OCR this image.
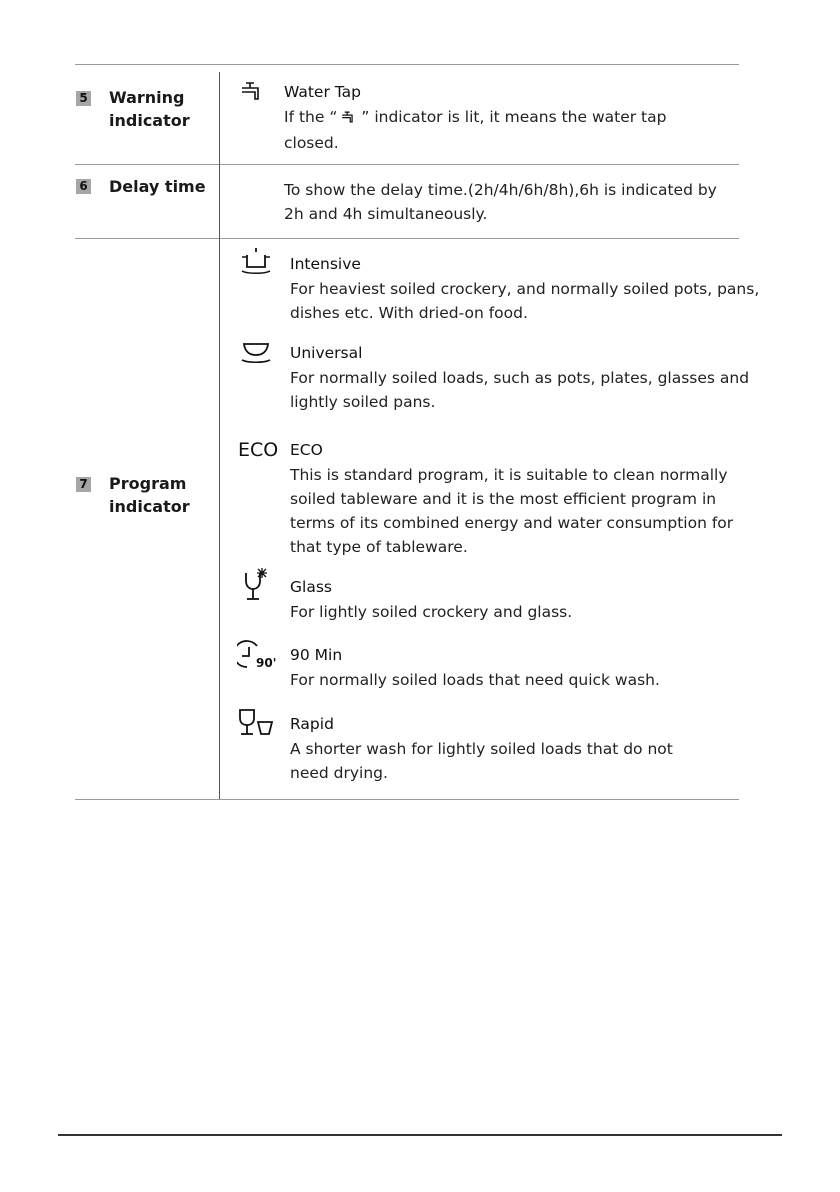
5 Warning
indicator
Water Tap
If the “ ” indicator is lit, it means the water tap
closed.
6 Delay time	To show the delay time.(2h/4h/6h/8h),6h is indicated by
2h and 4h simultaneously.
7 Program
indicator
Intensive
For heaviest soiled crockery, and normally soiled pots, pans,
dishes etc. With dried-on food.
Universal
For normally soiled loads, such as pots, plates, glasses and
lightly soiled pans.
ECO ECO
This is standard program, it is suitable to clean normally
soiled tableware and it is the most efficient program in
terms of its combined energy and water consumption for
that type of tableware.
Glass
For lightly soiled crockery and glass.
90' 90 Min
For normally soiled loads that need quick wash.
Rapid
A shorter wash for lightly soiled loads that do not
need drying.
